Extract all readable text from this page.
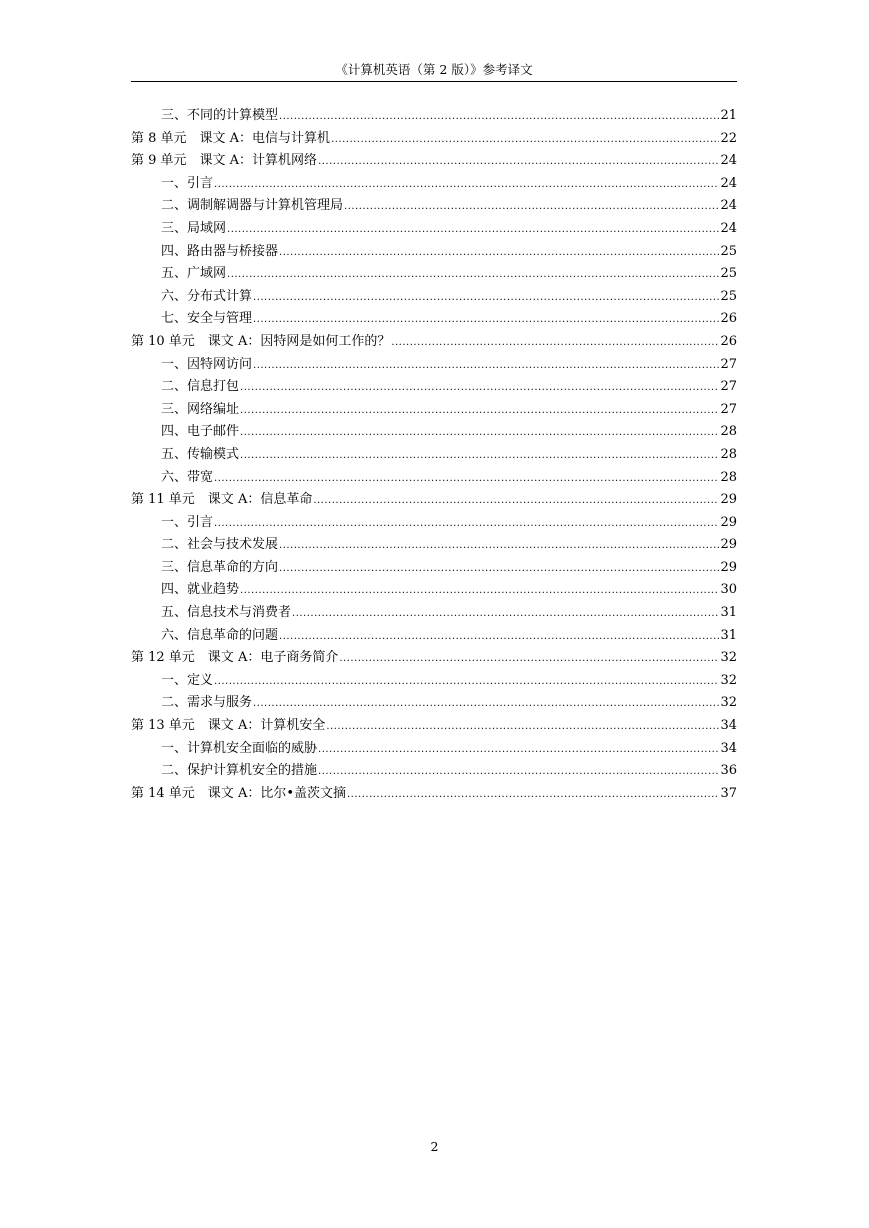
《计算机英语（第 2 版）》参考译文
三、不同的计算模型 .....	21
第 8 单元　课文 A：电信与计算机 .....	22
第 9 单元　课文 A：计算机网络 .....	24
一、引言 .....	24
二、调制解调器与计算机管理局 .....	24
三、局域网 .....	24
四、路由器与桥接器 .....	25
五、广域网 .....	25
六、分布式计算 .....	25
七、安全与管理 .....	26
第 10 单元　课文 A：因特网是如何工作的？ .....	26
一、因特网访问 .....	27
二、信息打包 .....	27
三、网络编址 .....	27
四、电子邮件 .....	28
五、传输模式 .....	28
六、带宽 .....	28
第 11 单元　课文 A：信息革命 .....	29
一、引言 .....	29
二、社会与技术发展 .....	29
三、信息革命的方向 .....	29
四、就业趋势 .....	30
五、信息技术与消费者 .....	31
六、信息革命的问题 .....	31
第 12 单元　课文 A：电子商务简介 .....	32
一、定义 .....	32
二、需求与服务 .....	32
第 13 单元　课文 A：计算机安全 .....	34
一、计算机安全面临的威胁 .....	34
二、保护计算机安全的措施 .....	36
第 14 单元　课文 A：比尔•盖茨文摘 .....	37
2
